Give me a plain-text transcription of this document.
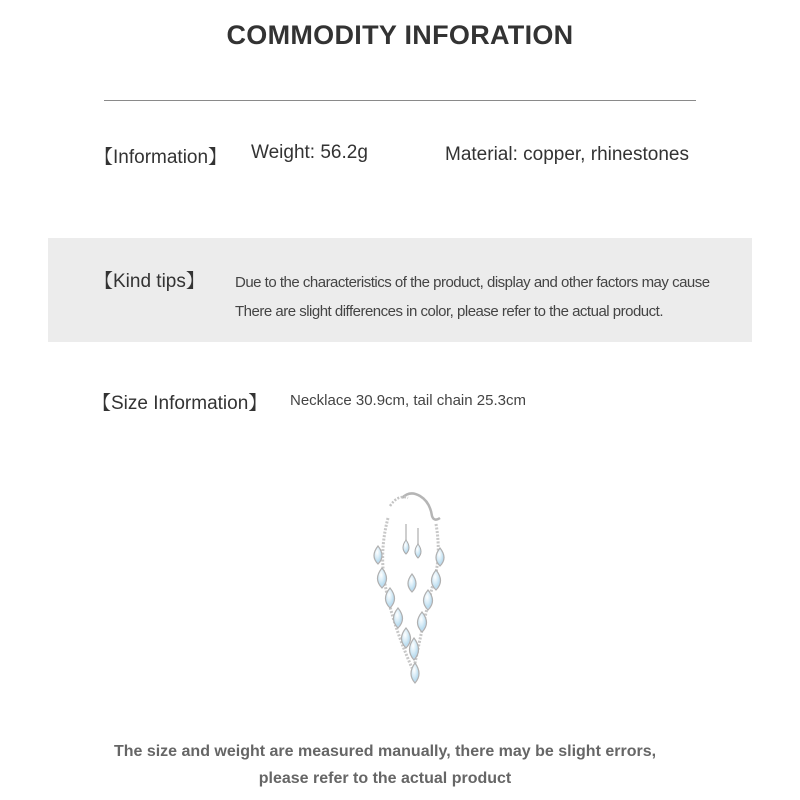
COMMODITY INFORATION
【Information】 Weight: 56.2g	Material: copper, rhinestones
【Kind tips】 Due to the characteristics of the product, display and other factors may cause
There are slight differences in color, please refer to the actual product.
【Size Information】 Necklace 30.9cm, tail chain 25.3cm
The size and weight are measured manually, there may be slight errors,
please refer to the actual product
